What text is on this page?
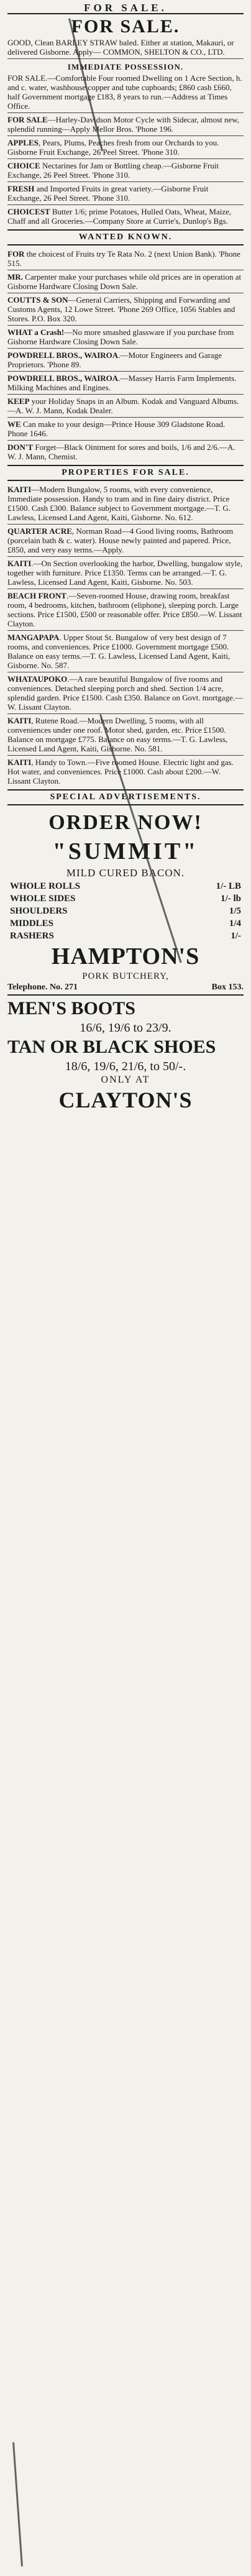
FOR SALE.
FOR SALE.
GOOD, Clean BARLEY STRAW baled. Either at station, Makauri, or delivered Gisborne. Apply— COMMON, SHELTON & CO., LTD.
IMMEDIATE POSSESSION.
FOR SALE.—Comfortable Four roomed Dwelling on 1 Acre Section, h. and c. water, washhouse copper and tube cupboards; £860 cash £660, half Government mortgage £183, 8 years to run.—Address at Times Office.
FOR SALE—Harley-Davidson Motor Cycle with Sidecar, almost new, splendid running—Apply Mellor Bros. 'Phone 196.
APPLES, Pears, Plums, Peaches fresh from our Orchards to you. Gisborne Fruit Exchange, 26 Peel Street. 'Phone 310.
CHOICE Nectarines for Jam or Bottling cheap.—Gisborne Fruit Exchange, 26 Peel Street. 'Phone 310.
FRESH and Imported Fruits in great variety.—Gisborne Fruit Exchange, 26 Peel Street. 'Phone 310.
CHOICEST Butter 1/6; prime Potatoes, Hulled Oats, Wheat, Maize, Chaff and all Groceries.—Company Store at Currie's, Dunlop's Bgs.
WANTED KNOWN.
FOR the choicest of Fruits try Te Rata No. 2 (next Union Bank). 'Phone 515.
MR. Carpenter make your purchases while old prices are in operation at Gisborne Hardware Closing Down Sale.
COUTTS & SON—General Carriers, Shipping and Forwarding and Customs Agents, 12 Lowe Street. 'Phone 269 Office, 1056 Stables and Stores. P.O. Box 320.
WHAT a Crash!—No more smashed glassware if you purchase from Gisborne Hardware Closing Down Sale.
POWDRELL BROS., WAIROA.—Motor Engineers and Garage Proprietors. 'Phone 89.
POWDRELL BROS., WAIROA.—Massey Harris Farm Implements. Milking Machines and Engines.
KEEP your Holiday Snaps in an Album. Kodak and Vanguard Albums.—A. W. J. Mann, Kodak Dealer.
WE Can make to your design—Prince House 309 Gladstone Road. Phone 1646.
DON'T Forget—Black Ointment for sores and boils, 1/6 and 2/6.—A. W. J. Mann, Chemist.
PROPERTIES FOR SALE.
KAITI—Modern Bungalow, 5 rooms, with every convenience, Immediate possession. Handy to tram and in fine dairy district. Price £1500. Cash £300. Balance subject to Government mortgage.—T. G. Lawless, Licensed Land Agent, Kaiti, Gisborne. No. 612.
QUARTER ACRE, Norman Road—4 Good living rooms, Bathroom (porcelain bath & c. water). House newly painted and papered. Price, £850, and very easy terms.—Apply.
KAITI.—On Section overlooking the harbor, Dwelling, bungalow style, together with furniture. Price £1350. Terms can be arranged.—T. G. Lawless, Licensed Land Agent, Kaiti, Gisborne. No. 503.
BEACH FRONT.—Seven-roomed House, drawing room, breakfast room, 4 bedrooms, kitchen, bathroom (eliphone), sleeping porch. Large sections. Price £1500, £500 or reasonable offer. Price £850.—W. Lissant Clayton.
MANGAPAPA. Upper Stout St. Bungalow of very best design of 7 rooms, and conveniences. Price £1000. Government mortgage £500. Balance on easy terms.—T. G. Lawless, Licensed Land Agent, Kaiti, Gisborne. No. 587.
WHATAUPOKO.—A rare beautiful Bungalow of five rooms and conveniences. Detached sleeping porch and shed. Section 1/4 acre, splendid garden. Price £1500. Cash £350. Balance on Govt. mortgage.—W. Lissant Clayton.
KAITI, Rutene Road.—Modern Dwelling, 5 rooms, with all conveniences under one roof. Motor shed, garden, etc. Price £1500. Balance on mortgage £775. Balance on easy terms.—T. G. Lawless, Licensed Land Agent, Kaiti, Gisborne. No. 581.
KAITI, Handy to Town.—Five roomed House. Electric light and gas. Hot water, and conveniences. Price £1000. Cash about £200.—W. Lissant Clayton.
SPECIAL ADVERTISEMENTS.
ORDER NOW!
"SUMMIT"
MILD CURED BACON.
WHOLE ROLLS	1/- LB
WHOLE SIDES	1/- lb
SHOULDERS	1/5
MIDDLES	1/4
RASHERS	1/-
HAMPTON'S
PORK BUTCHERY,
Telephone. No. 271	Box 153.
MEN'S BOOTS
16/6, 19/6 to 23/9.
TAN OR BLACK SHOES
18/6, 19/6, 21/6, to 50/-.
ONLY AT
CLAYTON'S
